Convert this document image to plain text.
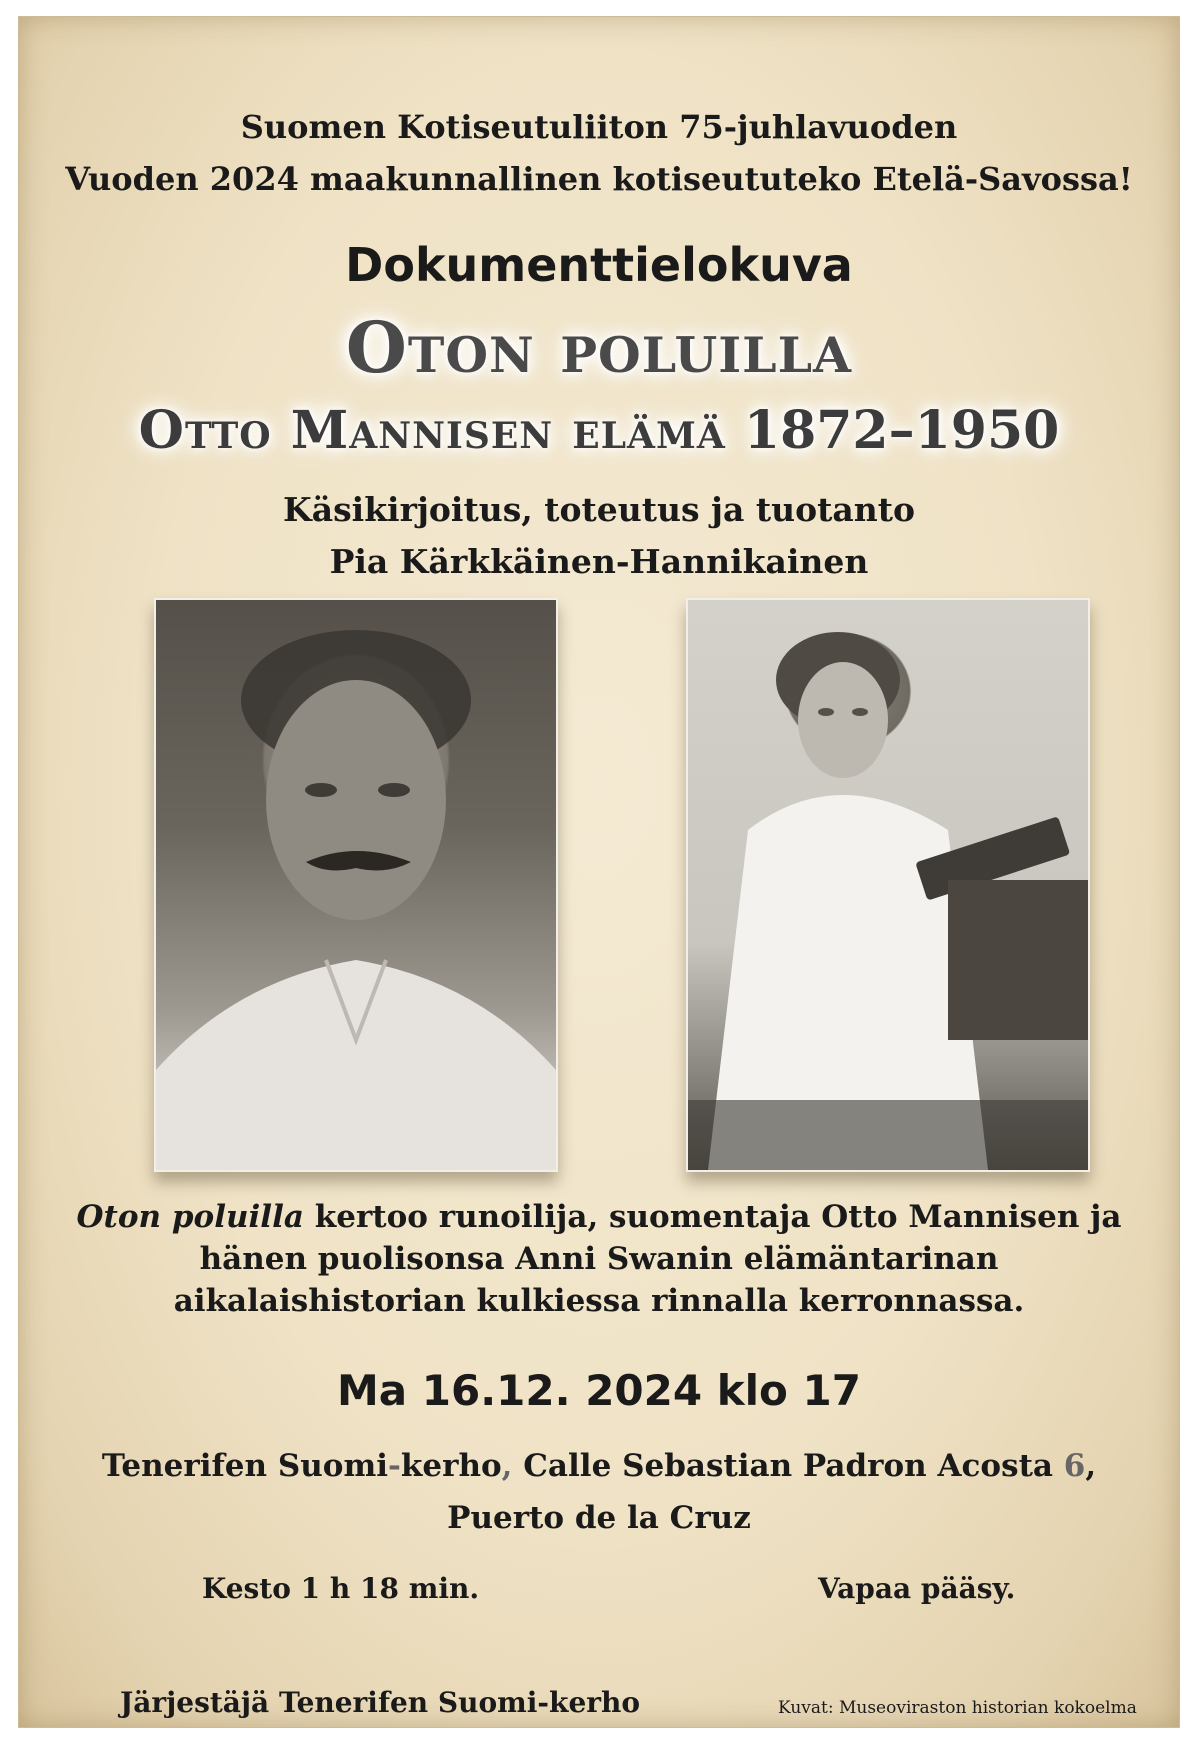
Suomen Kotiseutuliiton 75-juhlavuoden
Vuoden 2024 maakunnallinen kotiseututeko Etelä-Savossa!
Dokumenttielokuva
Oton poluilla
Otto Mannisen elämä 1872–1950
Käsikirjoitus, toteutus ja tuotanto
Pia Kärkkäinen-Hannikainen
Oton poluilla kertoo runoilija, suomentaja Otto Mannisen ja
hänen puolisonsa Anni Swanin elämäntarinan
aikalaishistorian kulkiessa rinnalla kerronnassa.
Ma 16.12. 2024 klo 17
Tenerifen Suomi-kerho, Calle Sebastian Padron Acosta 6,
Puerto de la Cruz
Kesto 1 h 18 min.	Vapaa pääsy.
Järjestäjä Tenerifen Suomi-kerho	Kuvat: Museoviraston historian kokoelma
